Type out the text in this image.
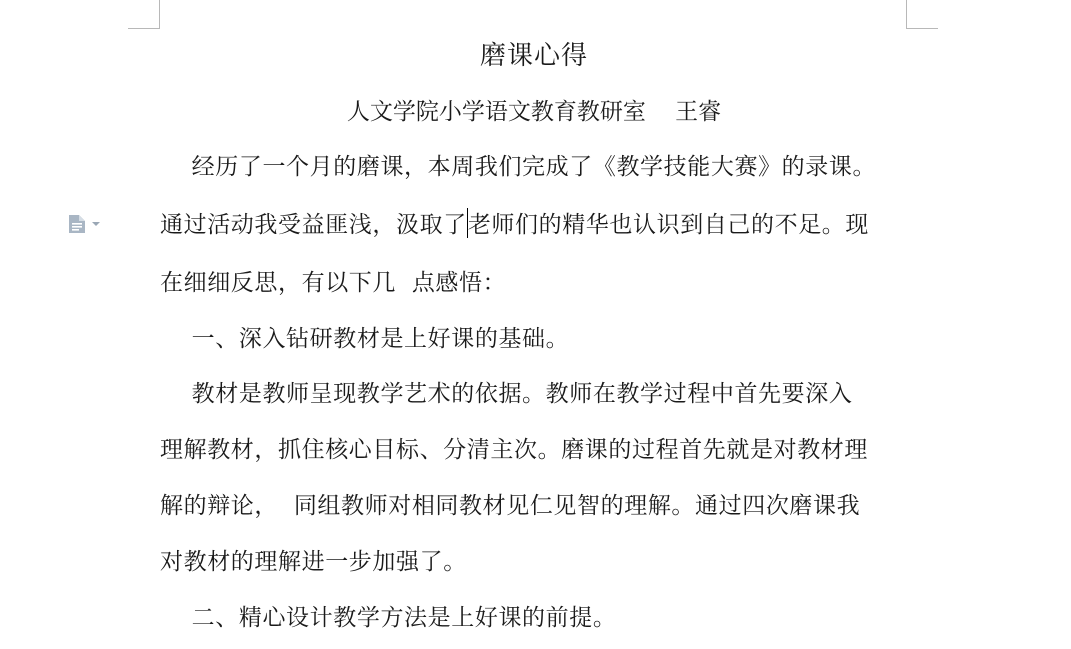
磨课心得
人文学院小学语文教育教研室    王睿
经历了一个月的磨课，本周我们完成了《教学技能大赛》的录课。
通过活动我受益匪浅，汲取了老师们的精华也认识到自己的不足。现
在细细反思，有以下几  点感悟：
一、深入钻研教材是上好课的基础。
教材是教师呈现教学艺术的依据。教师在教学过程中首先要深入
理解教材，抓住核心目标、分清主次。磨课的过程首先就是对教材理
解的辩论，  同组教师对相同教材见仁见智的理解。通过四次磨课我
对教材的理解进一步加强了。
二、精心设计教学方法是上好课的前提。
